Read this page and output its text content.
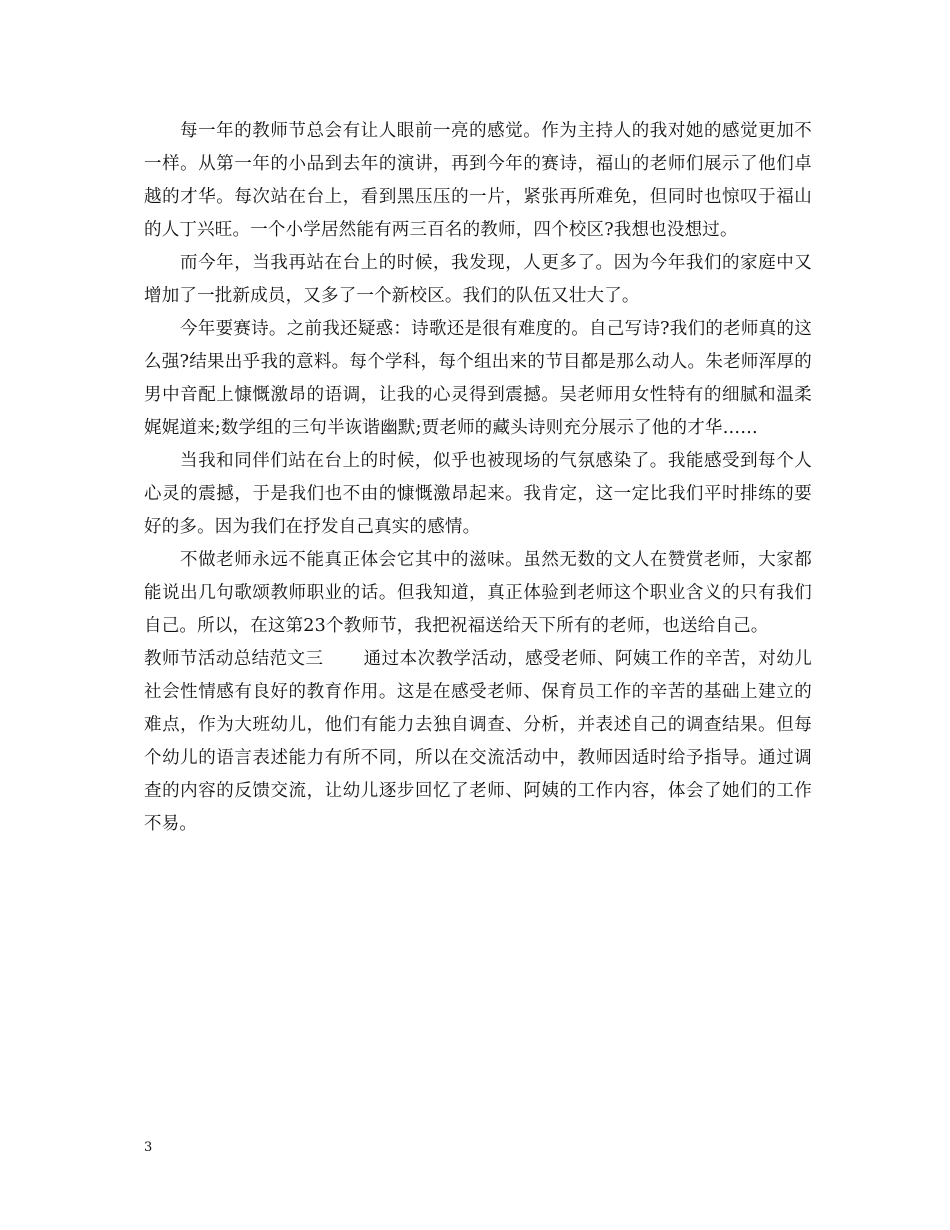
每一年的教师节总会有让人眼前一亮的感觉。作为主持人的我对她的感觉更加不一样。从第一年的小品到去年的演讲，再到今年的赛诗，福山的老师们展示了他们卓越的才华。每次站在台上，看到黑压压的一片，紧张再所难免，但同时也惊叹于福山的人丁兴旺。一个小学居然能有两三百名的教师，四个校区?我想也没想过。

而今年，当我再站在台上的时候，我发现，人更多了。因为今年我们的家庭中又增加了一批新成员，又多了一个新校区。我们的队伍又壮大了。

今年要赛诗。之前我还疑惑：诗歌还是很有难度的。自己写诗?我们的老师真的这么强?结果出乎我的意料。每个学科，每个组出来的节目都是那么动人。朱老师浑厚的男中音配上慷慨激昂的语调，让我的心灵得到震撼。吴老师用女性特有的细腻和温柔娓娓道来;数学组的三句半诙谐幽默;贾老师的藏头诗则充分展示了他的才华……

当我和同伴们站在台上的时候，似乎也被现场的气氛感染了。我能感受到每个人心灵的震撼，于是我们也不由的慷慨激昂起来。我肯定，这一定比我们平时排练的要好的多。因为我们在抒发自己真实的感情。

不做老师永远不能真正体会它其中的滋味。虽然无数的文人在赞赏老师，大家都能说出几句歌颂教师职业的话。但我知道，真正体验到老师这个职业含义的只有我们自己。所以，在这第23个教师节，我把祝福送给天下所有的老师，也送给自己。

教师节活动总结范文三 通过本次教学活动，感受老师、阿姨工作的辛苦，对幼儿社会性情感有良好的教育作用。这是在感受老师、保育员工作的辛苦的基础上建立的难点，作为大班幼儿，他们有能力去独自调查、分析，并表述自己的调查结果。但每个幼儿的语言表述能力有所不同，所以在交流活动中，教师因适时给予指导。通过调查的内容的反馈交流，让幼儿逐步回忆了老师、阿姨的工作内容，体会了她们的工作不易。

3
